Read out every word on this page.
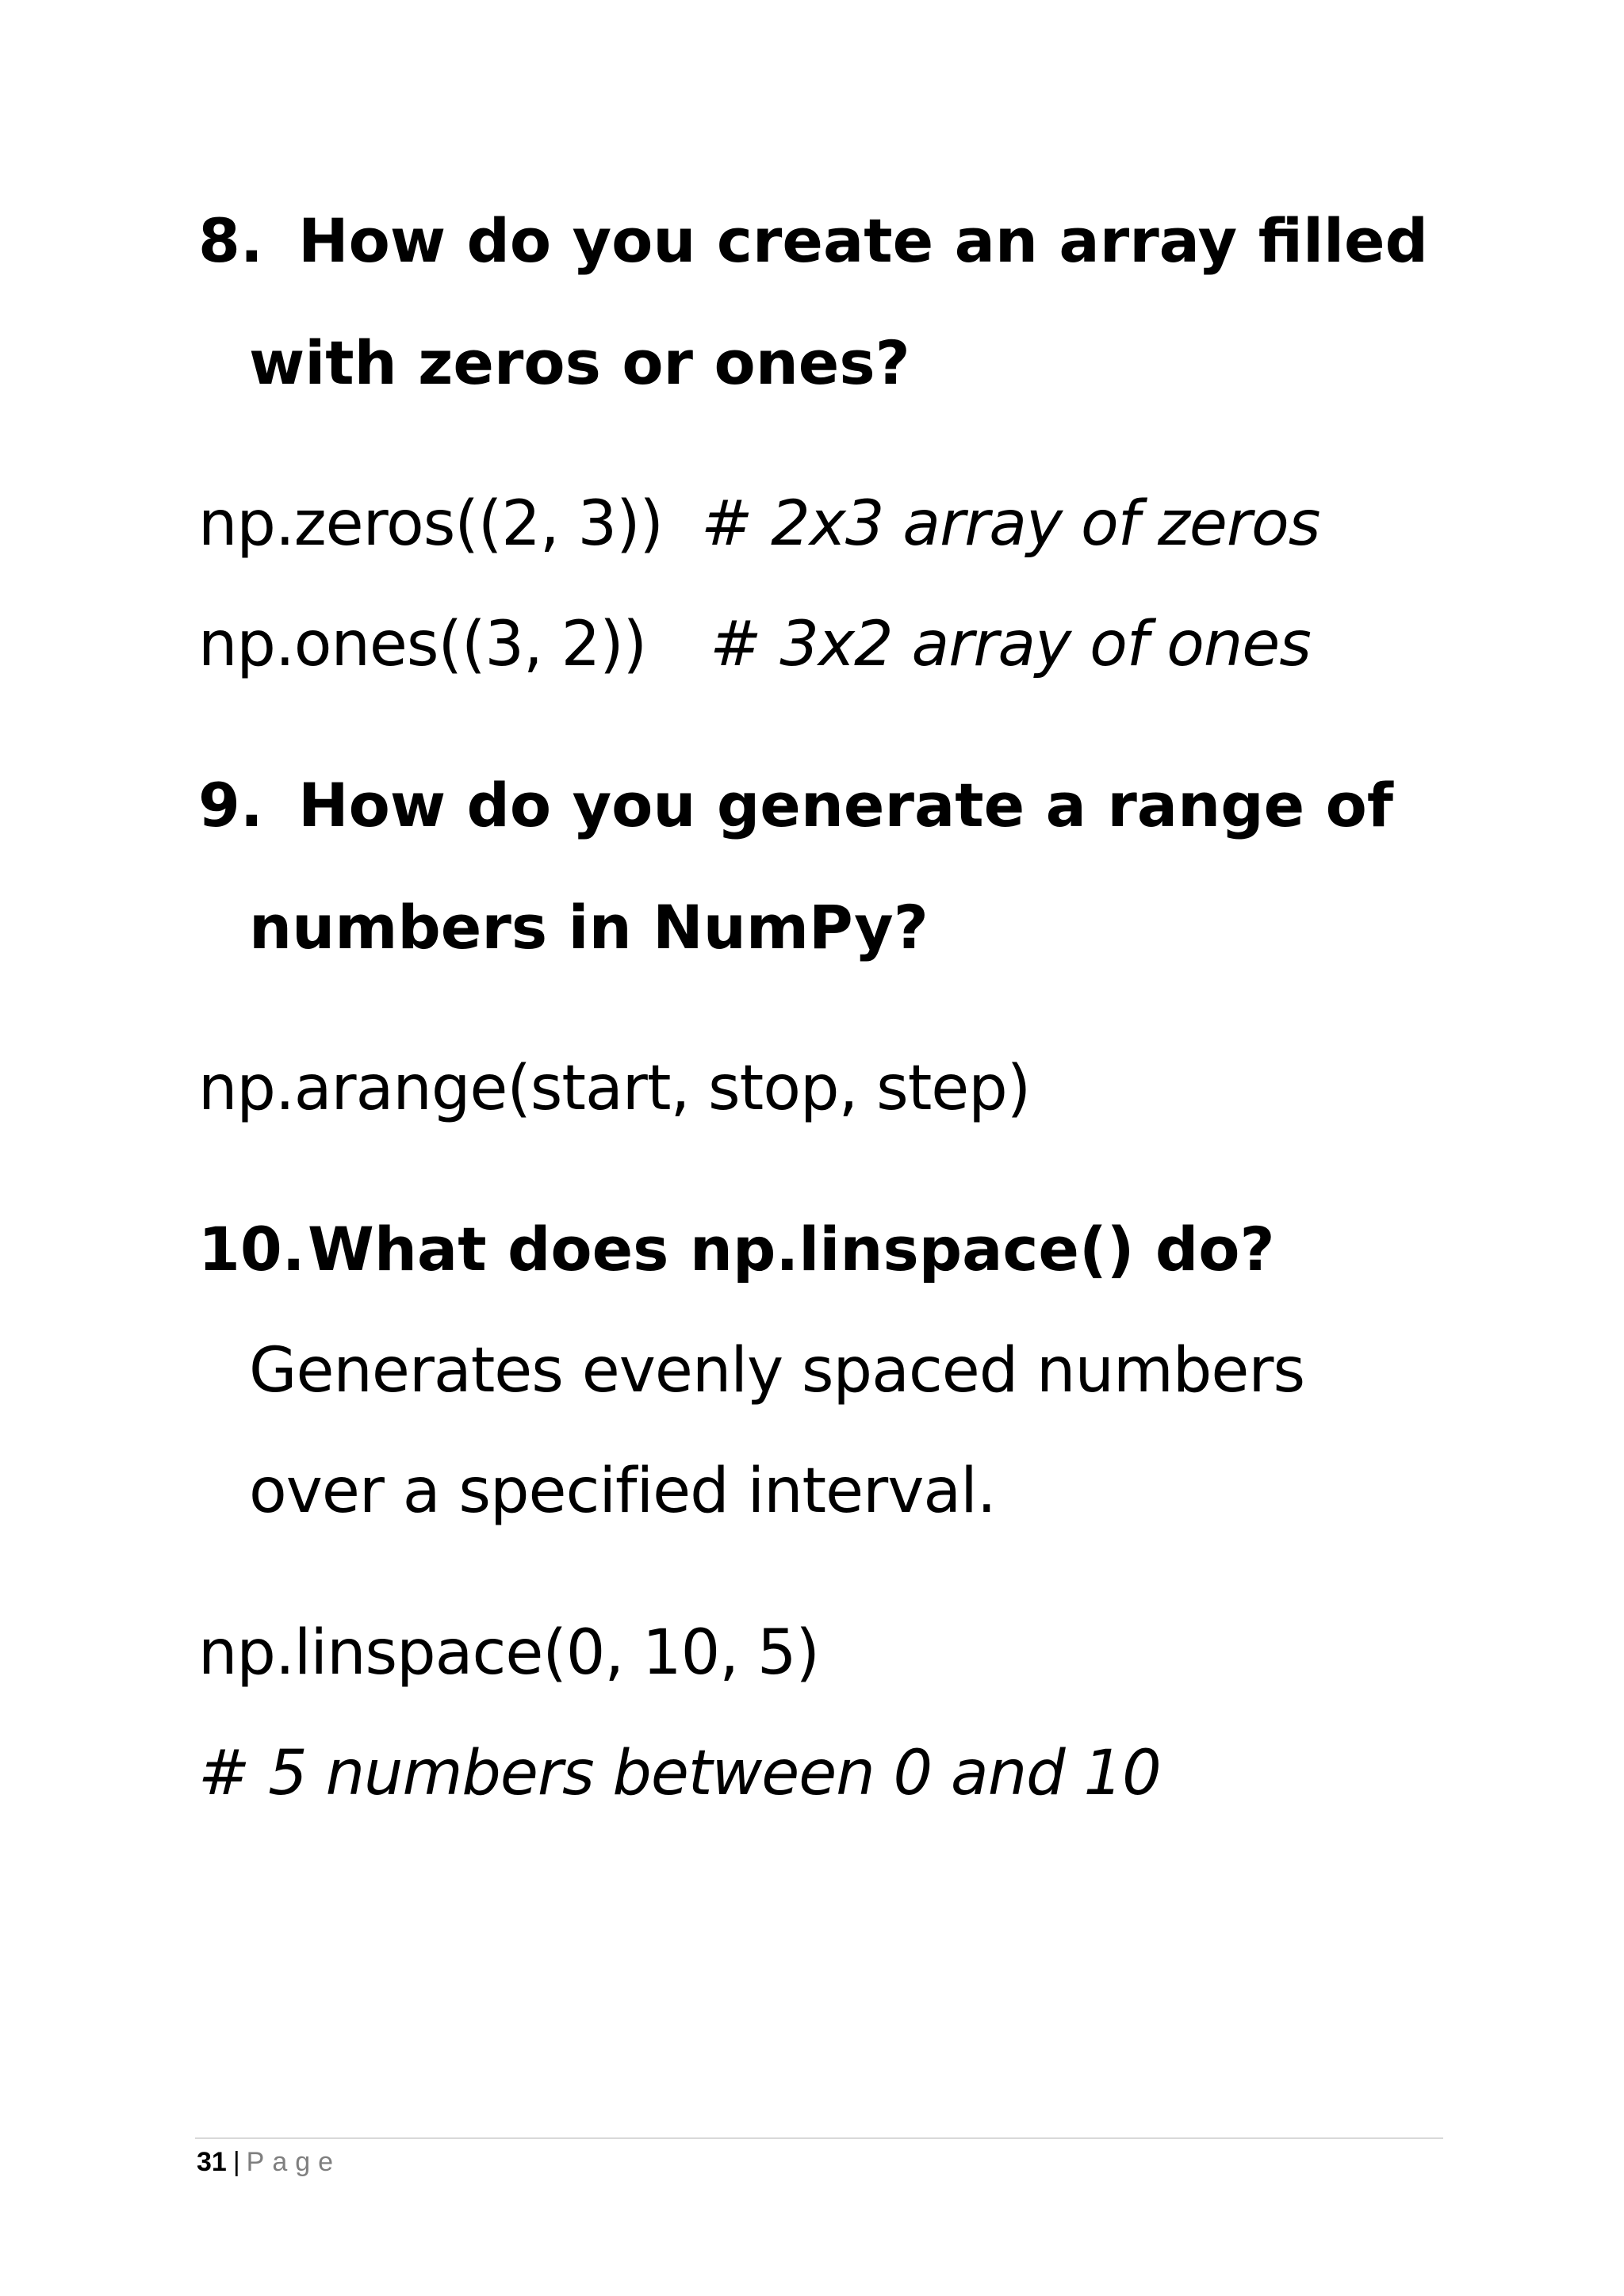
8. How do you create an array filled
with zeros or ones?
np.zeros((2, 3)) # 2x3 array of zeros
np.ones((3, 2)) # 3x2 array of ones
9. How do you generate a range of
numbers in NumPy?
np.arange(start, stop, step)
10.What does np.linspace() do?
Generates evenly spaced numbers
over a specified interval.
np.linspace(0, 10, 5)
# 5 numbers between 0 and 10
31 | Page
